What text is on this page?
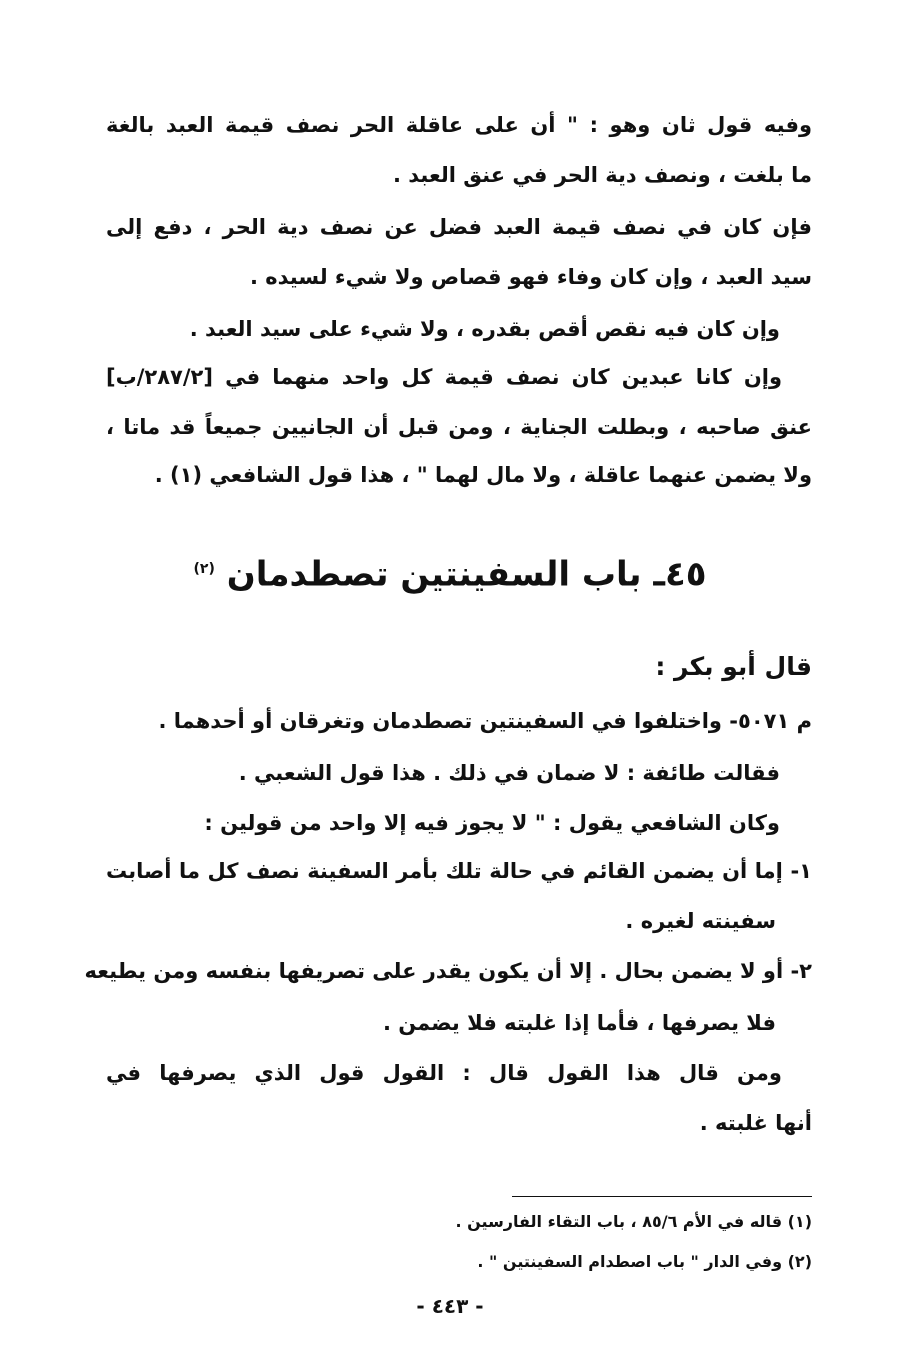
وفيه قول ثان وهو : " أن على عاقلة الحر نصف قيمة العبد بالغة
ما بلغت ، ونصف دية الحر في عنق العبد .
فإن كان في نصف قيمة العبد فضل عن نصف دية الحر ، دفع إلى
سيد العبد ، وإن كان وفاء فهو قصاص ولا شيء لسيده .
وإن كان فيه نقص أقص بقدره ، ولا شيء على سيد العبد .
وإن كانا عبدين كان نصف قيمة كل واحد منهما في [٢٨٧/٢/ب]
عنق صاحبه ، وبطلت الجناية ، ومن قبل أن الجانيين جميعاً قد ماتا ،
ولا يضمن عنهما عاقلة ، ولا مال لهما " ، هذا قول الشافعي (١) .
٤٥ـ باب السفينتين تصطدمان $^{(٢)}$
قال أبو بكر :
م ٥٠٧١- واختلفوا في السفينتين تصطدمان وتغرقان أو أحدهما .
فقالت طائفة : لا ضمان في ذلك . هذا قول الشعبي .
وكان الشافعي يقول : " لا يجوز فيه إلا واحد من قولين :
١- إما أن يضمن القائم في حالة تلك بأمر السفينة نصف كل ما أصابت
سفينته لغيره .
٢- أو لا يضمن بحال . إلا أن يكون يقدر على تصريفها بنفسه ومن يطيعه
فلا يصرفها ، فأما إذا غلبته فلا يضمن .
ومن قال هذا القول قال : القول قول الذي يصرفها في
أنها غلبته .
(١) قاله في الأم ٨٥/٦ ، باب التقاء الفارسين .
(٢) وفي الدار " باب اصطدام السفينتين " .
- ٤٤٣ -
